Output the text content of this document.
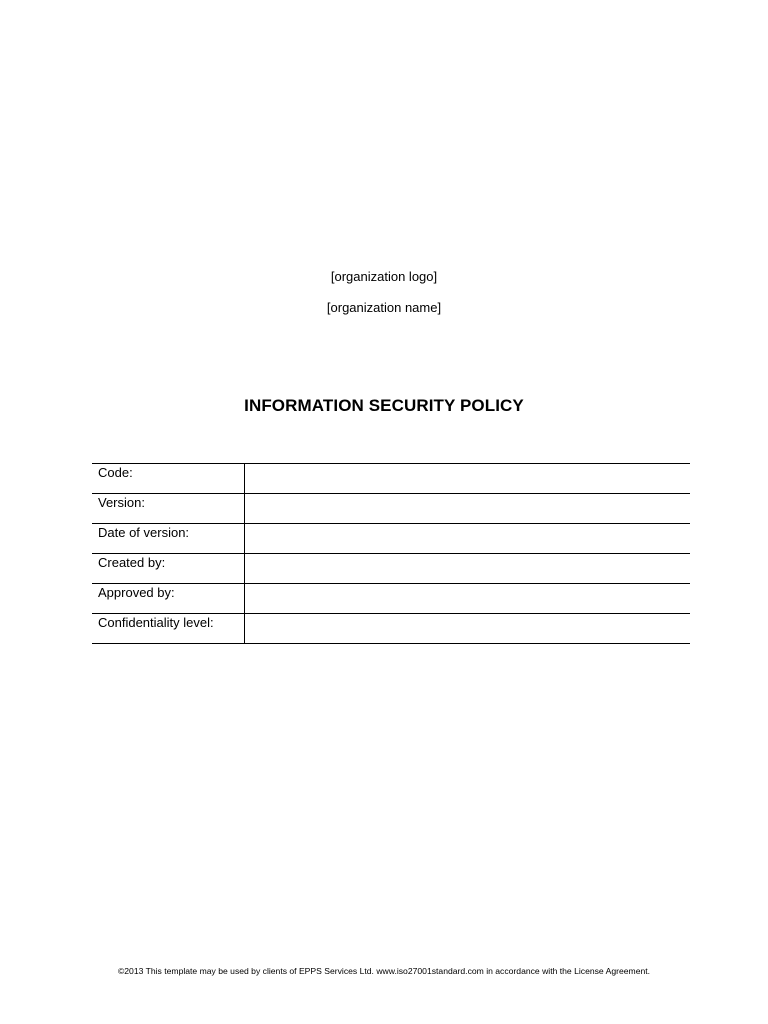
[organization logo]
[organization name]
INFORMATION SECURITY POLICY
Code:	
Version:	
Date of version:	
Created by:	
Approved by:	
Confidentiality level:	
©2013 This template may be used by clients of EPPS Services Ltd. www.iso27001standard.com in accordance with the License Agreement.
